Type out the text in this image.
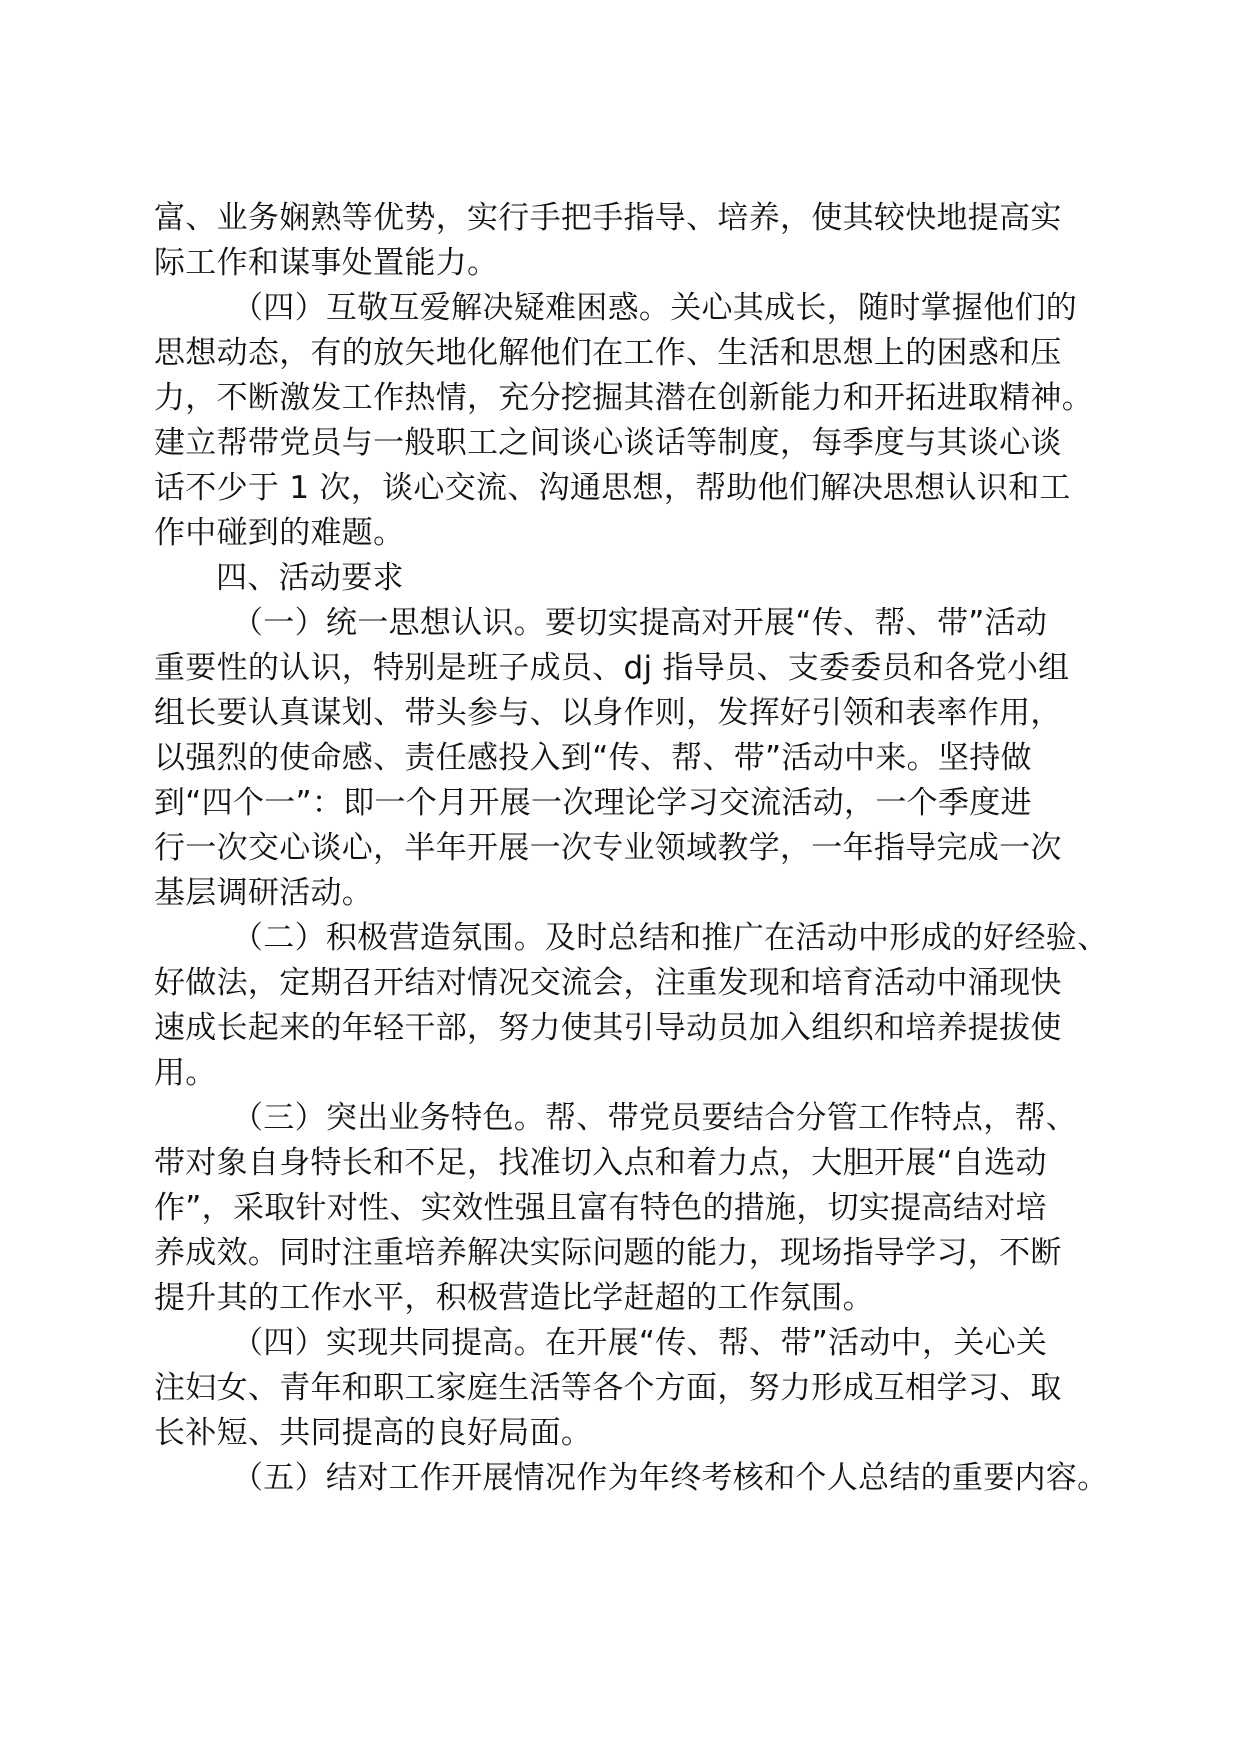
富、业务娴熟等优势，实行手把手指导、培养，使其较快地提高实
际工作和谋事处置能力。
（四）互敬互爱解决疑难困惑。关心其成长，随时掌握他们的
思想动态，有的放矢地化解他们在工作、生活和思想上的困惑和压
力，不断激发工作热情，充分挖掘其潜在创新能力和开拓进取精神。
建立帮带党员与一般职工之间谈心谈话等制度，每季度与其谈心谈
话不少于 1 次，谈心交流、沟通思想，帮助他们解决思想认识和工
作中碰到的难题。
四、活动要求
（一）统一思想认识。要切实提高对开展“传、帮、带”活动
重要性的认识，特别是班子成员、dj 指导员、支委委员和各党小组
组长要认真谋划、带头参与、以身作则，发挥好引领和表率作用，
以强烈的使命感、责任感投入到“传、帮、带”活动中来。坚持做
到“四个一”：即一个月开展一次理论学习交流活动，一个季度进
行一次交心谈心，半年开展一次专业领域教学，一年指导完成一次
基层调研活动。
（二）积极营造氛围。及时总结和推广在活动中形成的好经验、
好做法，定期召开结对情况交流会，注重发现和培育活动中涌现快
速成长起来的年轻干部，努力使其引导动员加入组织和培养提拔使
用。
（三）突出业务特色。帮、带党员要结合分管工作特点，帮、
带对象自身特长和不足，找准切入点和着力点，大胆开展“自选动
作”，采取针对性、实效性强且富有特色的措施，切实提高结对培
养成效。同时注重培养解决实际问题的能力，现场指导学习，不断
提升其的工作水平，积极营造比学赶超的工作氛围。
（四）实现共同提高。在开展“传、帮、带”活动中，关心关
注妇女、青年和职工家庭生活等各个方面，努力形成互相学习、取
长补短、共同提高的良好局面。
（五）结对工作开展情况作为年终考核和个人总结的重要内容。
